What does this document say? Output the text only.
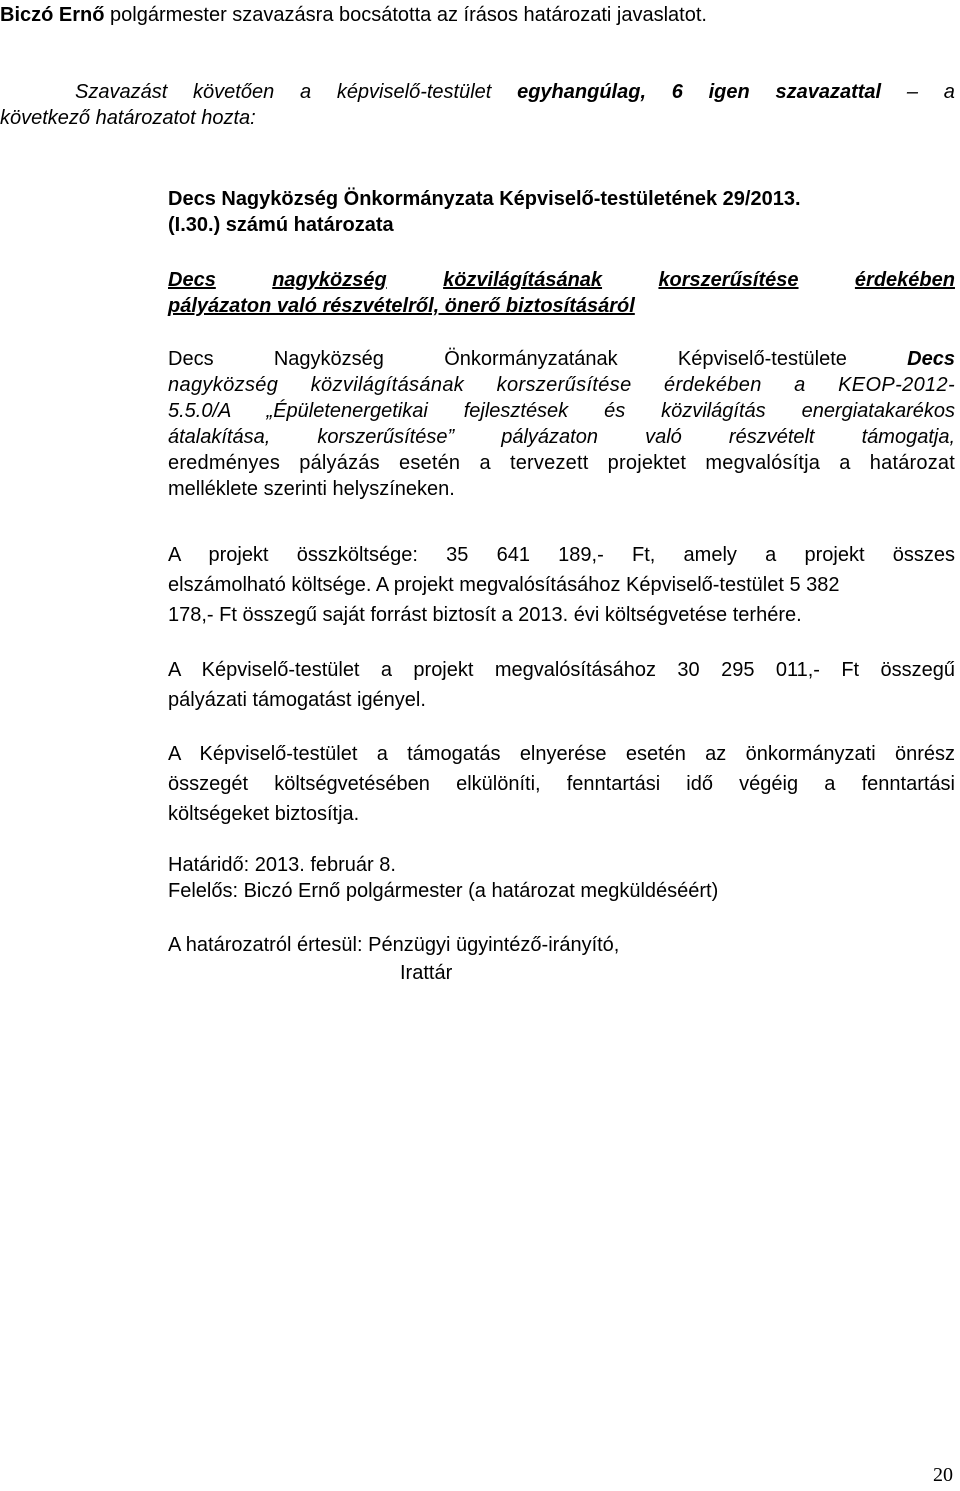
Biczó Ernő polgármester szavazásra bocsátotta az írásos határozati javaslatot.
Szavazást követően a képviselő-testület egyhangúlag, 6 igen szavazattal – a
következő határozatot hozta:
Decs Nagyközség Önkormányzata Képviselő-testületének 29/2013.
(I.30.) számú határozata
Decs	nagyközség	közvilágításának	korszerűsítése	érdekében
pályázaton való részvételről, önerő biztosításáról
Decs	Nagyközség	Önkormányzatának	Képviselő-testülete	Decs
nagyközség közvilágításának korszerűsítése érdekében a KEOP-2012-
5.5.0/A „Épületenergetikai fejlesztések és közvilágítás energiatakarékos
átalakítása, korszerűsítése” pályázaton való részvételt támogatja,
eredményes pályázás esetén a tervezett projektet megvalósítja a határozat
melléklete szerinti helyszíneken.
A projekt összköltsége: 35 641 189,- Ft, amely a projekt összes
elszámolható költsége. A projekt megvalósításához Képviselő-testület 5 382
178,- Ft összegű saját forrást biztosít a 2013. évi költségvetése terhére.
A Képviselő-testület a projekt megvalósításához 30 295 011,- Ft összegű
pályázati támogatást igényel.
A Képviselő-testület a támogatás elnyerése esetén az önkormányzati önrész
összegét költségvetésében elkülöníti, fenntartási idő végéig a fenntartási
költségeket biztosítja.
Határidő: 2013. február 8.
Felelős: Biczó Ernő polgármester (a határozat megküldéséért)
A határozatról értesül: Pénzügyi ügyintéző-irányító,
Irattár
20
